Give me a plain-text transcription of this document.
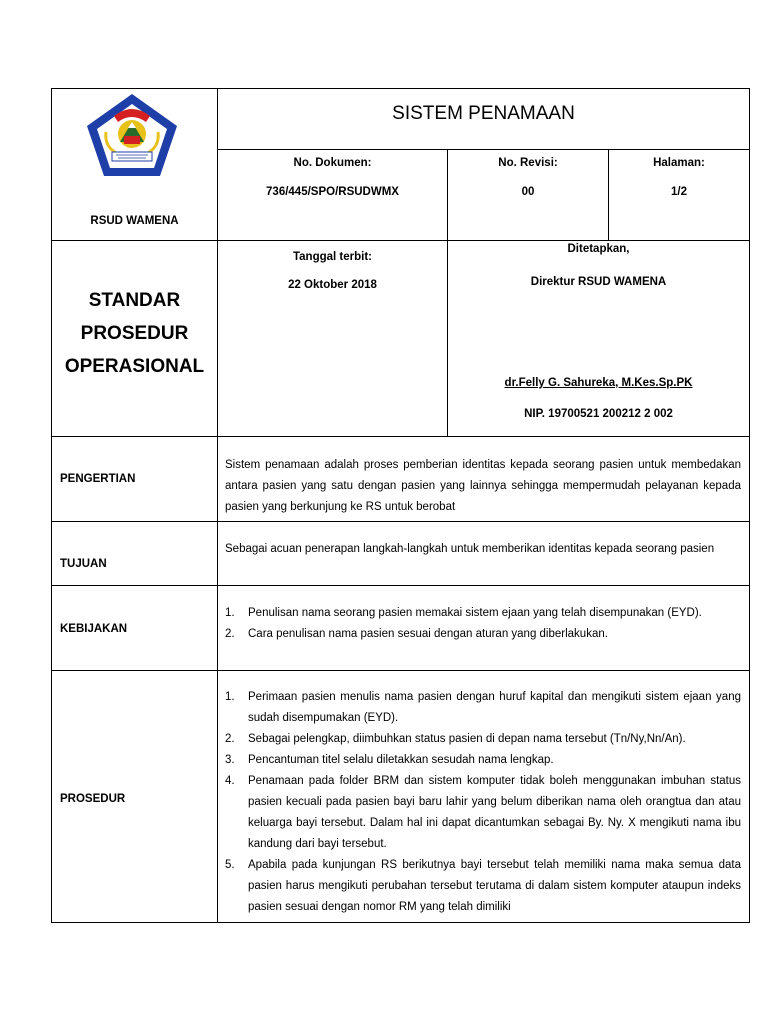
RSUD WAMENA
SISTEM PENAMAAN
No. Dokumen:
736/445/SPO/RSUDWMX
No. Revisi:
00
Halaman:
1/2
STANDAR
PROSEDUR
OPERASIONAL
Tanggal terbit:
22 Oktober 2018
Ditetapkan,
Direktur RSUD WAMENA
dr.Felly G. Sahureka, M.Kes.Sp.PK
NIP. 19700521 200212 2 002
PENGERTIAN
Sistem penamaan adalah proses pemberian identitas kepada seorang pasien untuk membedakan antara pasien yang satu dengan pasien yang lainnya sehingga mempermudah pelayanan kepada pasien yang berkunjung ke RS untuk berobat
TUJUAN
Sebagai acuan penerapan langkah-langkah untuk memberikan identitas kepada seorang pasien
KEBIJAKAN
1. Penulisan nama seorang pasien memakai sistem ejaan yang telah disempunakan (EYD).
2. Cara penulisan nama pasien sesuai dengan aturan yang diberlakukan.
PROSEDUR
1. Perimaan pasien menulis nama pasien dengan huruf kapital dan mengikuti sistem ejaan yang sudah disempumakan (EYD).
2. Sebagai pelengkap, diimbuhkan status pasien di depan nama tersebut (Tn/Ny,Nn/An).
3. Pencantuman titel selalu diletakkan sesudah nama lengkap.
4. Penamaan pada folder BRM dan sistem komputer tidak boleh menggunakan imbuhan status pasien kecuali pada pasien bayi baru lahir yang belum diberikan nama oleh orangtua dan atau keluarga bayi tersebut. Dalam hal ini dapat dicantumkan sebagai By. Ny. X mengikuti nama ibu kandung dari bayi tersebut.
5. Apabila pada kunjungan RS berikutnya bayi tersebut telah memiliki nama maka semua data pasien harus mengikuti perubahan tersebut terutama di dalam sistem komputer ataupun indeks pasien sesuai dengan nomor RM yang telah dimiliki
